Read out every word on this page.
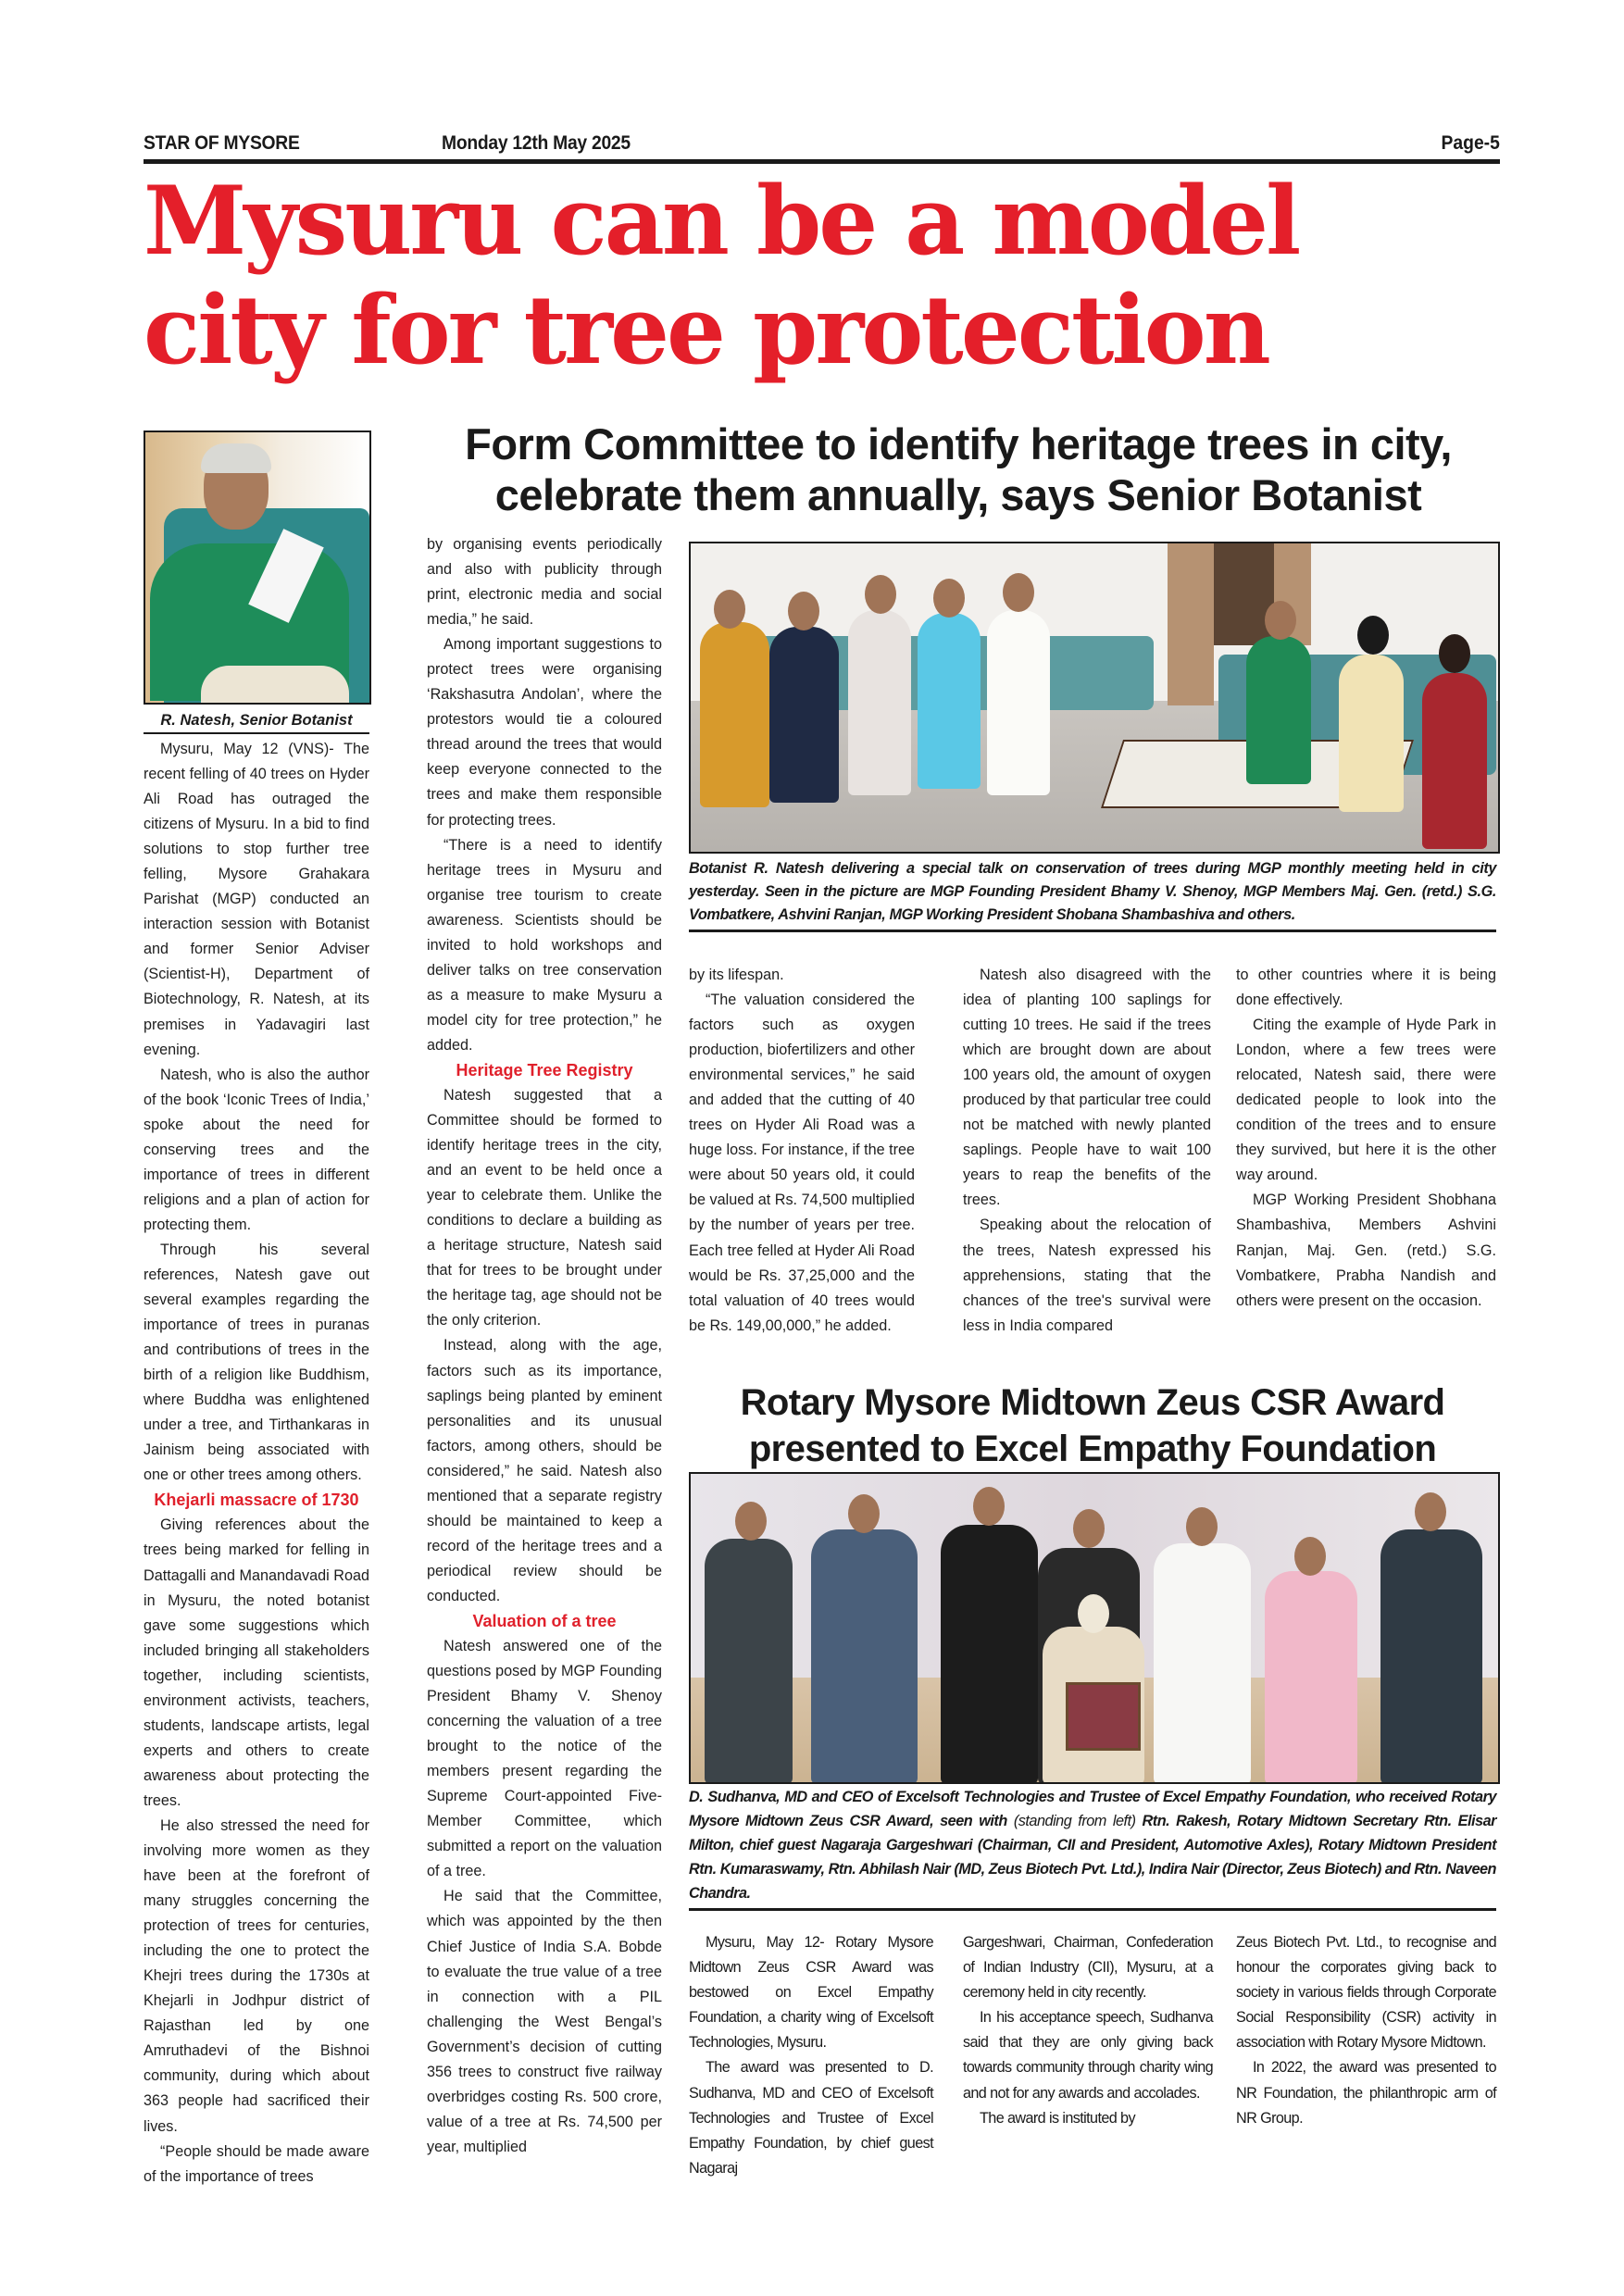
STAR OF MYSORE	Monday 12th May 2025	Page-5
Mysuru can be a model city for tree protection
Form Committee to identify heritage trees in city, celebrate them annually, says Senior Botanist
R. Natesh, Senior Botanist

Mysuru, May 12 (VNS)- The recent felling of 40 trees on Hyder Ali Road has outraged the citizens of Mysuru. In a bid to find solutions to stop further tree felling, Mysore Grahakara Parishat (MGP) conducted an interaction session with Botanist and former Senior Adviser (Scientist-H), Department of Biotechnology, R. Natesh, at its premises in Yadavagiri last evening.

Natesh, who is also the author of the book ‘Iconic Trees of India,’ spoke about the need for conserving trees and the importance of trees in different religions and a plan of action for protecting them.

Through his several references, Natesh gave out several examples regarding the importance of trees in puranas and contributions of trees in the birth of a religion like Buddhism, where Buddha was enlightened under a tree, and Tirthankaras in Jainism being associated with one or other trees among others.

Khejarli massacre of 1730

Giving references about the trees being marked for felling in Dattagalli and Manandavadi Road in Mysuru, the noted botanist gave some suggestions which included bringing all stakeholders together, including scientists, environment activists, teachers, students, landscape artists, legal experts and others to create awareness about protecting the trees.

He also stressed the need for involving more women as they have been at the forefront of many struggles concerning the protection of trees for centuries, including the one to protect the Khejri trees during the 1730s at Khejarli in Jodhpur district of Rajasthan led by one Amruthadevi of the Bishnoi community, during which about 363 people had sacrificed their lives.

“People should be made aware of the importance of trees

by organising events periodically and also with publicity through print, electronic media and social media,” he said.

Among important suggestions to protect trees were organising ‘Rakshasutra Andolan’, where the protestors would tie a coloured thread around the trees that would keep everyone connected to the trees and make them responsible for protecting trees.

“There is a need to identify heritage trees in Mysuru and organise tree tourism to create awareness. Scientists should be invited to hold workshops and deliver talks on tree conservation as a measure to make Mysuru a model city for tree protection,” he added.

Heritage Tree Registry

Natesh suggested that a Committee should be formed to identify heritage trees in the city, and an event to be held once a year to celebrate them. Unlike the conditions to declare a building as a heritage structure, Natesh said that for trees to be brought under the heritage tag, age should not be the only criterion.

Instead, along with the age, factors such as its importance, saplings being planted by eminent personalities and its unusual factors, among others, should be considered,” he said. Natesh also mentioned that a separate registry should be maintained to keep a record of the heritage trees and a periodical review should be conducted.

Valuation of a tree

Natesh answered one of the questions posed by MGP Founding President Bhamy V. Shenoy concerning the valuation of a tree brought to the notice of the members present regarding the Supreme Court-appointed Five-Member Committee, which submitted a report on the valuation of a tree.

He said that the Committee, which was appointed by the then Chief Justice of India S.A. Bobde to evaluate the true value of a tree in connection with a PIL challenging the West Bengal’s Government’s decision of cutting 356 trees to construct five railway overbridges costing Rs. 500 crore, value of a tree at Rs. 74,500 per year, multiplied

Botanist R. Natesh delivering a special talk on conservation of trees during MGP monthly meeting held in city yesterday. Seen in the picture are MGP Founding President Bhamy V. Shenoy, MGP Members Maj. Gen. (retd.) S.G. Vombatkere, Ashvini Ranjan, MGP Working President Shobana Shambashiva and others.

by its lifespan.

“The valuation considered the factors such as oxygen production, biofertilizers and other environmental services,” he said and added that the cutting of 40 trees on Hyder Ali Road was a huge loss. For instance, if the tree were about 50 years old, it could be valued at Rs. 74,500 multiplied by the number of years per tree. Each tree felled at Hyder Ali Road would be Rs. 37,25,000 and the total valuation of 40 trees would be Rs. 149,00,000,” he added.

Natesh also disagreed with the idea of planting 100 saplings for cutting 10 trees. He said if the trees which are brought down are about 100 years old, the amount of oxygen produced by that particular tree could not be matched with newly planted saplings. People have to wait 100 years to reap the benefits of the trees.

Speaking about the relocation of the trees, Natesh expressed his apprehensions, stating that the chances of the tree's survival were less in India compared

to other countries where it is being done effectively.

Citing the example of Hyde Park in London, where a few trees were relocated, Natesh said, there were dedicated people to look into the condition of the trees and to ensure they survived, but here it is the other way around.

MGP Working President Shobhana Shambashiva, Members Ashvini Ranjan, Maj. Gen. (retd.) S.G. Vombatkere, Prabha Nandish and others were present on the occasion.

Rotary Mysore Midtown Zeus CSR Award presented to Excel Empathy Foundation
D. Sudhanva, MD and CEO of Excelsoft Technologies and Trustee of Excel Empathy Foundation, who received Rotary Mysore Midtown Zeus CSR Award, seen with (standing from left) Rtn. Rakesh, Rotary Midtown Secretary Rtn. Elisar Milton, chief guest Nagaraja Gargeshwari (Chairman, CII and President, Automotive Axles), Rotary Midtown President Rtn. Kumaraswamy, Rtn. Abhilash Nair (MD, Zeus Biotech Pvt. Ltd.), Indira Nair (Director, Zeus Biotech) and Rtn. Naveen Chandra.

Mysuru, May 12- Rotary Mysore Midtown Zeus CSR Award was bestowed on Excel Empathy Foundation, a charity wing of Excelsoft Technologies, Mysuru.

The award was presented to D. Sudhanva, MD and CEO of Excelsoft Technologies and Trustee of Excel Empathy Foundation, by chief guest Nagaraj

Gargeshwari, Chairman, Confederation of Indian Industry (CII), Mysuru, at a ceremony held in city recently.

In his acceptance speech, Sudhanva said that they are only giving back towards community through charity wing and not for any awards and accolades.

The award is instituted by

Zeus Biotech Pvt. Ltd., to recognise and honour the corporates giving back to society in various fields through Corporate Social Responsibility (CSR) activity in association with Rotary Mysore Midtown.

In 2022, the award was presented to NR Foundation, the philanthropic arm of NR Group.
